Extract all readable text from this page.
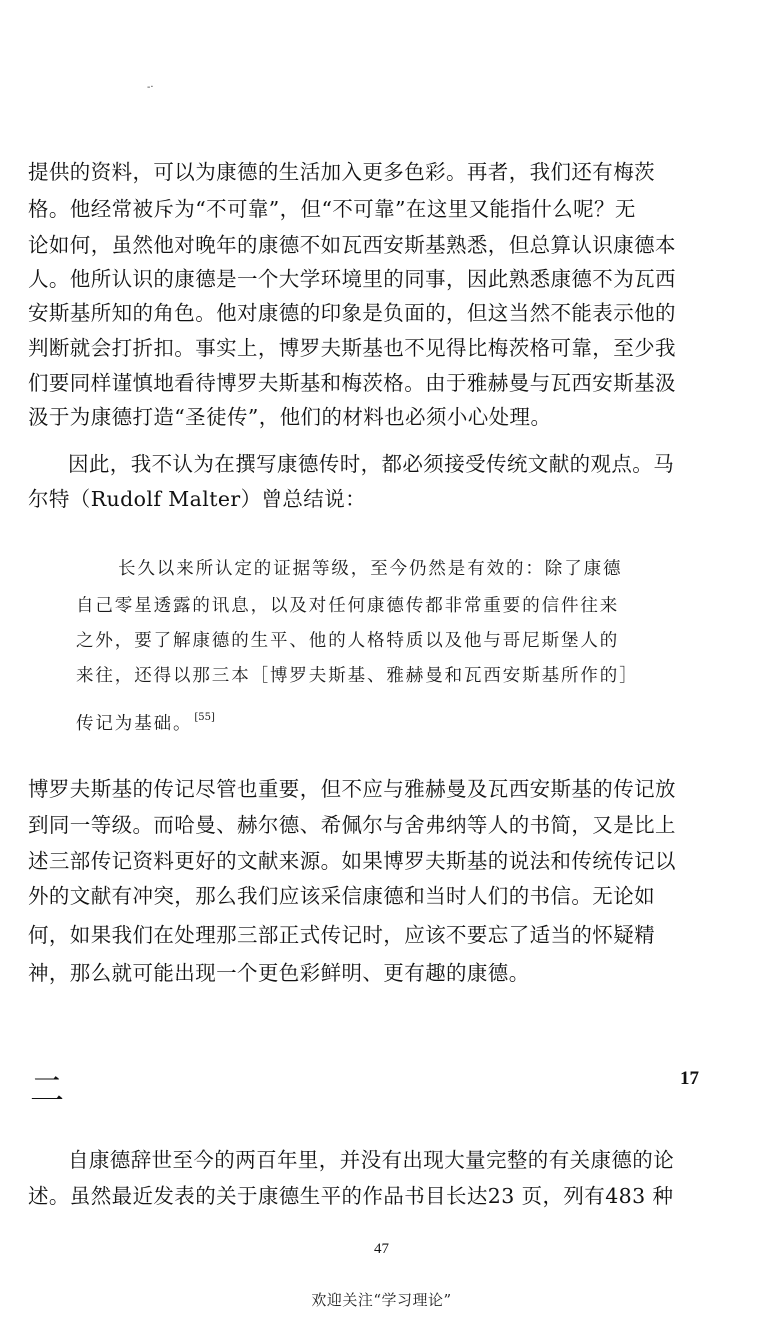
-·
提供的资料，可以为康德的生活加入更多色彩。再者，我们还有梅茨
格。他经常被斥为“不可靠”，但“不可靠”在这里又能指什么呢？无
论如何，虽然他对晚年的康德不如瓦西安斯基熟悉，但总算认识康德本
人。他所认识的康德是一个大学环境里的同事，因此熟悉康德不为瓦西
安斯基所知的角色。他对康德的印象是负面的，但这当然不能表示他的
判断就会打折扣。事实上，博罗夫斯基也不见得比梅茨格可靠，至少我
们要同样谨慎地看待博罗夫斯基和梅茨格。由于雅赫曼与瓦西安斯基汲
汲于为康德打造“圣徒传”，他们的材料也必须小心处理。
因此，我不认为在撰写康德传时，都必须接受传统文献的观点。马
尔特（Rudolf Malter）曾总结说：
长久以来所认定的证据等级，至今仍然是有效的：除了康德
自己零星透露的讯息，以及对任何康德传都非常重要的信件往来
之外，要了解康德的生平、他的人格特质以及他与哥尼斯堡人的
来往，还得以那三本［博罗夫斯基、雅赫曼和瓦西安斯基所作的］
传记为基础。 [55]
博罗夫斯基的传记尽管也重要，但不应与雅赫曼及瓦西安斯基的传记放
到同一等级。而哈曼、赫尔德、希佩尔与舍弗纳等人的书简，又是比上
述三部传记资料更好的文献来源。如果博罗夫斯基的说法和传统传记以
外的文献有冲突，那么我们应该采信康德和当时人们的书信。无论如
何，如果我们在处理那三部正式传记时，应该不要忘了适当的怀疑精
神，那么就可能出现一个更色彩鲜明、更有趣的康德。
二	17
自康德辞世至今的两百年里，并没有出现大量完整的有关康德的论
述。虽然最近发表的关于康德生平的作品书目长达23 页，列有483 种
47
欢迎关注“学习理论”
